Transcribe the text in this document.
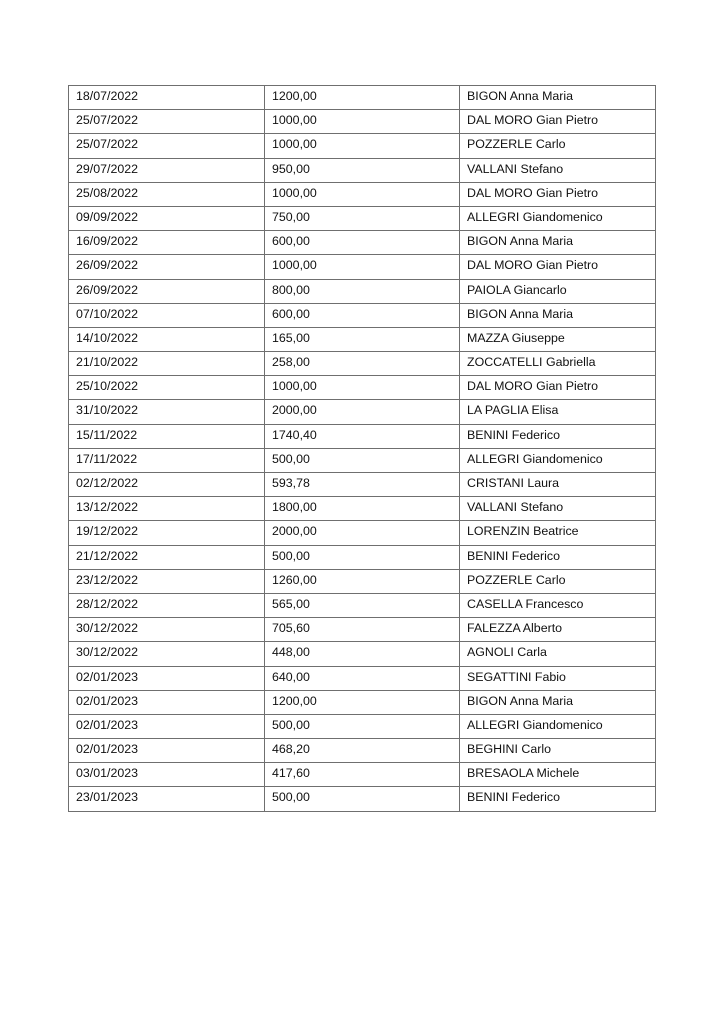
18/07/2022	1200,00	BIGON Anna Maria
25/07/2022	1000,00	DAL MORO Gian Pietro
25/07/2022	1000,00	POZZERLE Carlo
29/07/2022	950,00	VALLANI Stefano
25/08/2022	1000,00	DAL MORO Gian Pietro
09/09/2022	750,00	ALLEGRI Giandomenico
16/09/2022	600,00	BIGON Anna Maria
26/09/2022	1000,00	DAL MORO Gian Pietro
26/09/2022	800,00	PAIOLA Giancarlo
07/10/2022	600,00	BIGON Anna Maria
14/10/2022	165,00	MAZZA Giuseppe
21/10/2022	258,00	ZOCCATELLI Gabriella
25/10/2022	1000,00	DAL MORO Gian Pietro
31/10/2022	2000,00	LA PAGLIA Elisa
15/11/2022	1740,40	BENINI Federico
17/11/2022	500,00	ALLEGRI Giandomenico
02/12/2022	593,78	CRISTANI Laura
13/12/2022	1800,00	VALLANI Stefano
19/12/2022	2000,00	LORENZIN Beatrice
21/12/2022	500,00	BENINI Federico
23/12/2022	1260,00	POZZERLE Carlo
28/12/2022	565,00	CASELLA Francesco
30/12/2022	705,60	FALEZZA Alberto
30/12/2022	448,00	AGNOLI Carla
02/01/2023	640,00	SEGATTINI Fabio
02/01/2023	1200,00	BIGON Anna Maria
02/01/2023	500,00	ALLEGRI Giandomenico
02/01/2023	468,20	BEGHINI Carlo
03/01/2023	417,60	BRESAOLA Michele
23/01/2023	500,00	BENINI Federico
